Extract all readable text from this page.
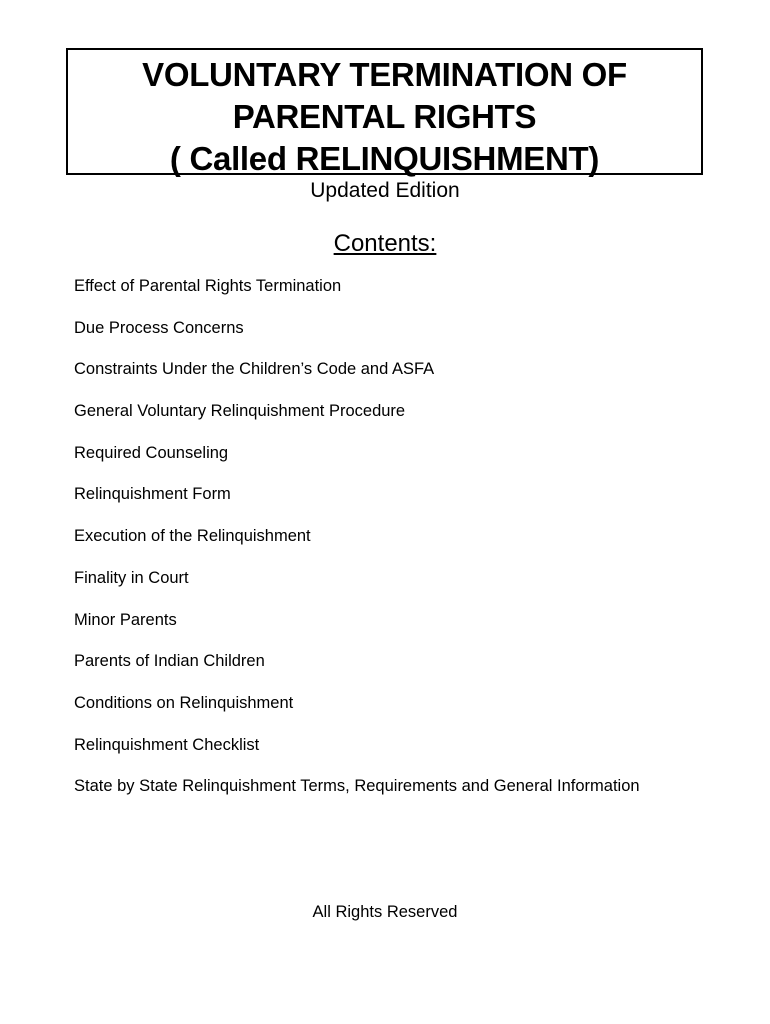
VOLUNTARY TERMINATION OF
PARENTAL RIGHTS
( Called RELINQUISHMENT)
Updated Edition
Contents:
Effect of Parental Rights Termination
Due Process Concerns
Constraints Under the Children’s Code and ASFA
General Voluntary Relinquishment Procedure
Required Counseling
Relinquishment Form
Execution of the Relinquishment
Finality in Court
Minor Parents
Parents of Indian Children
Conditions on Relinquishment
Relinquishment Checklist
State by State Relinquishment Terms, Requirements and General Information
All Rights Reserved
